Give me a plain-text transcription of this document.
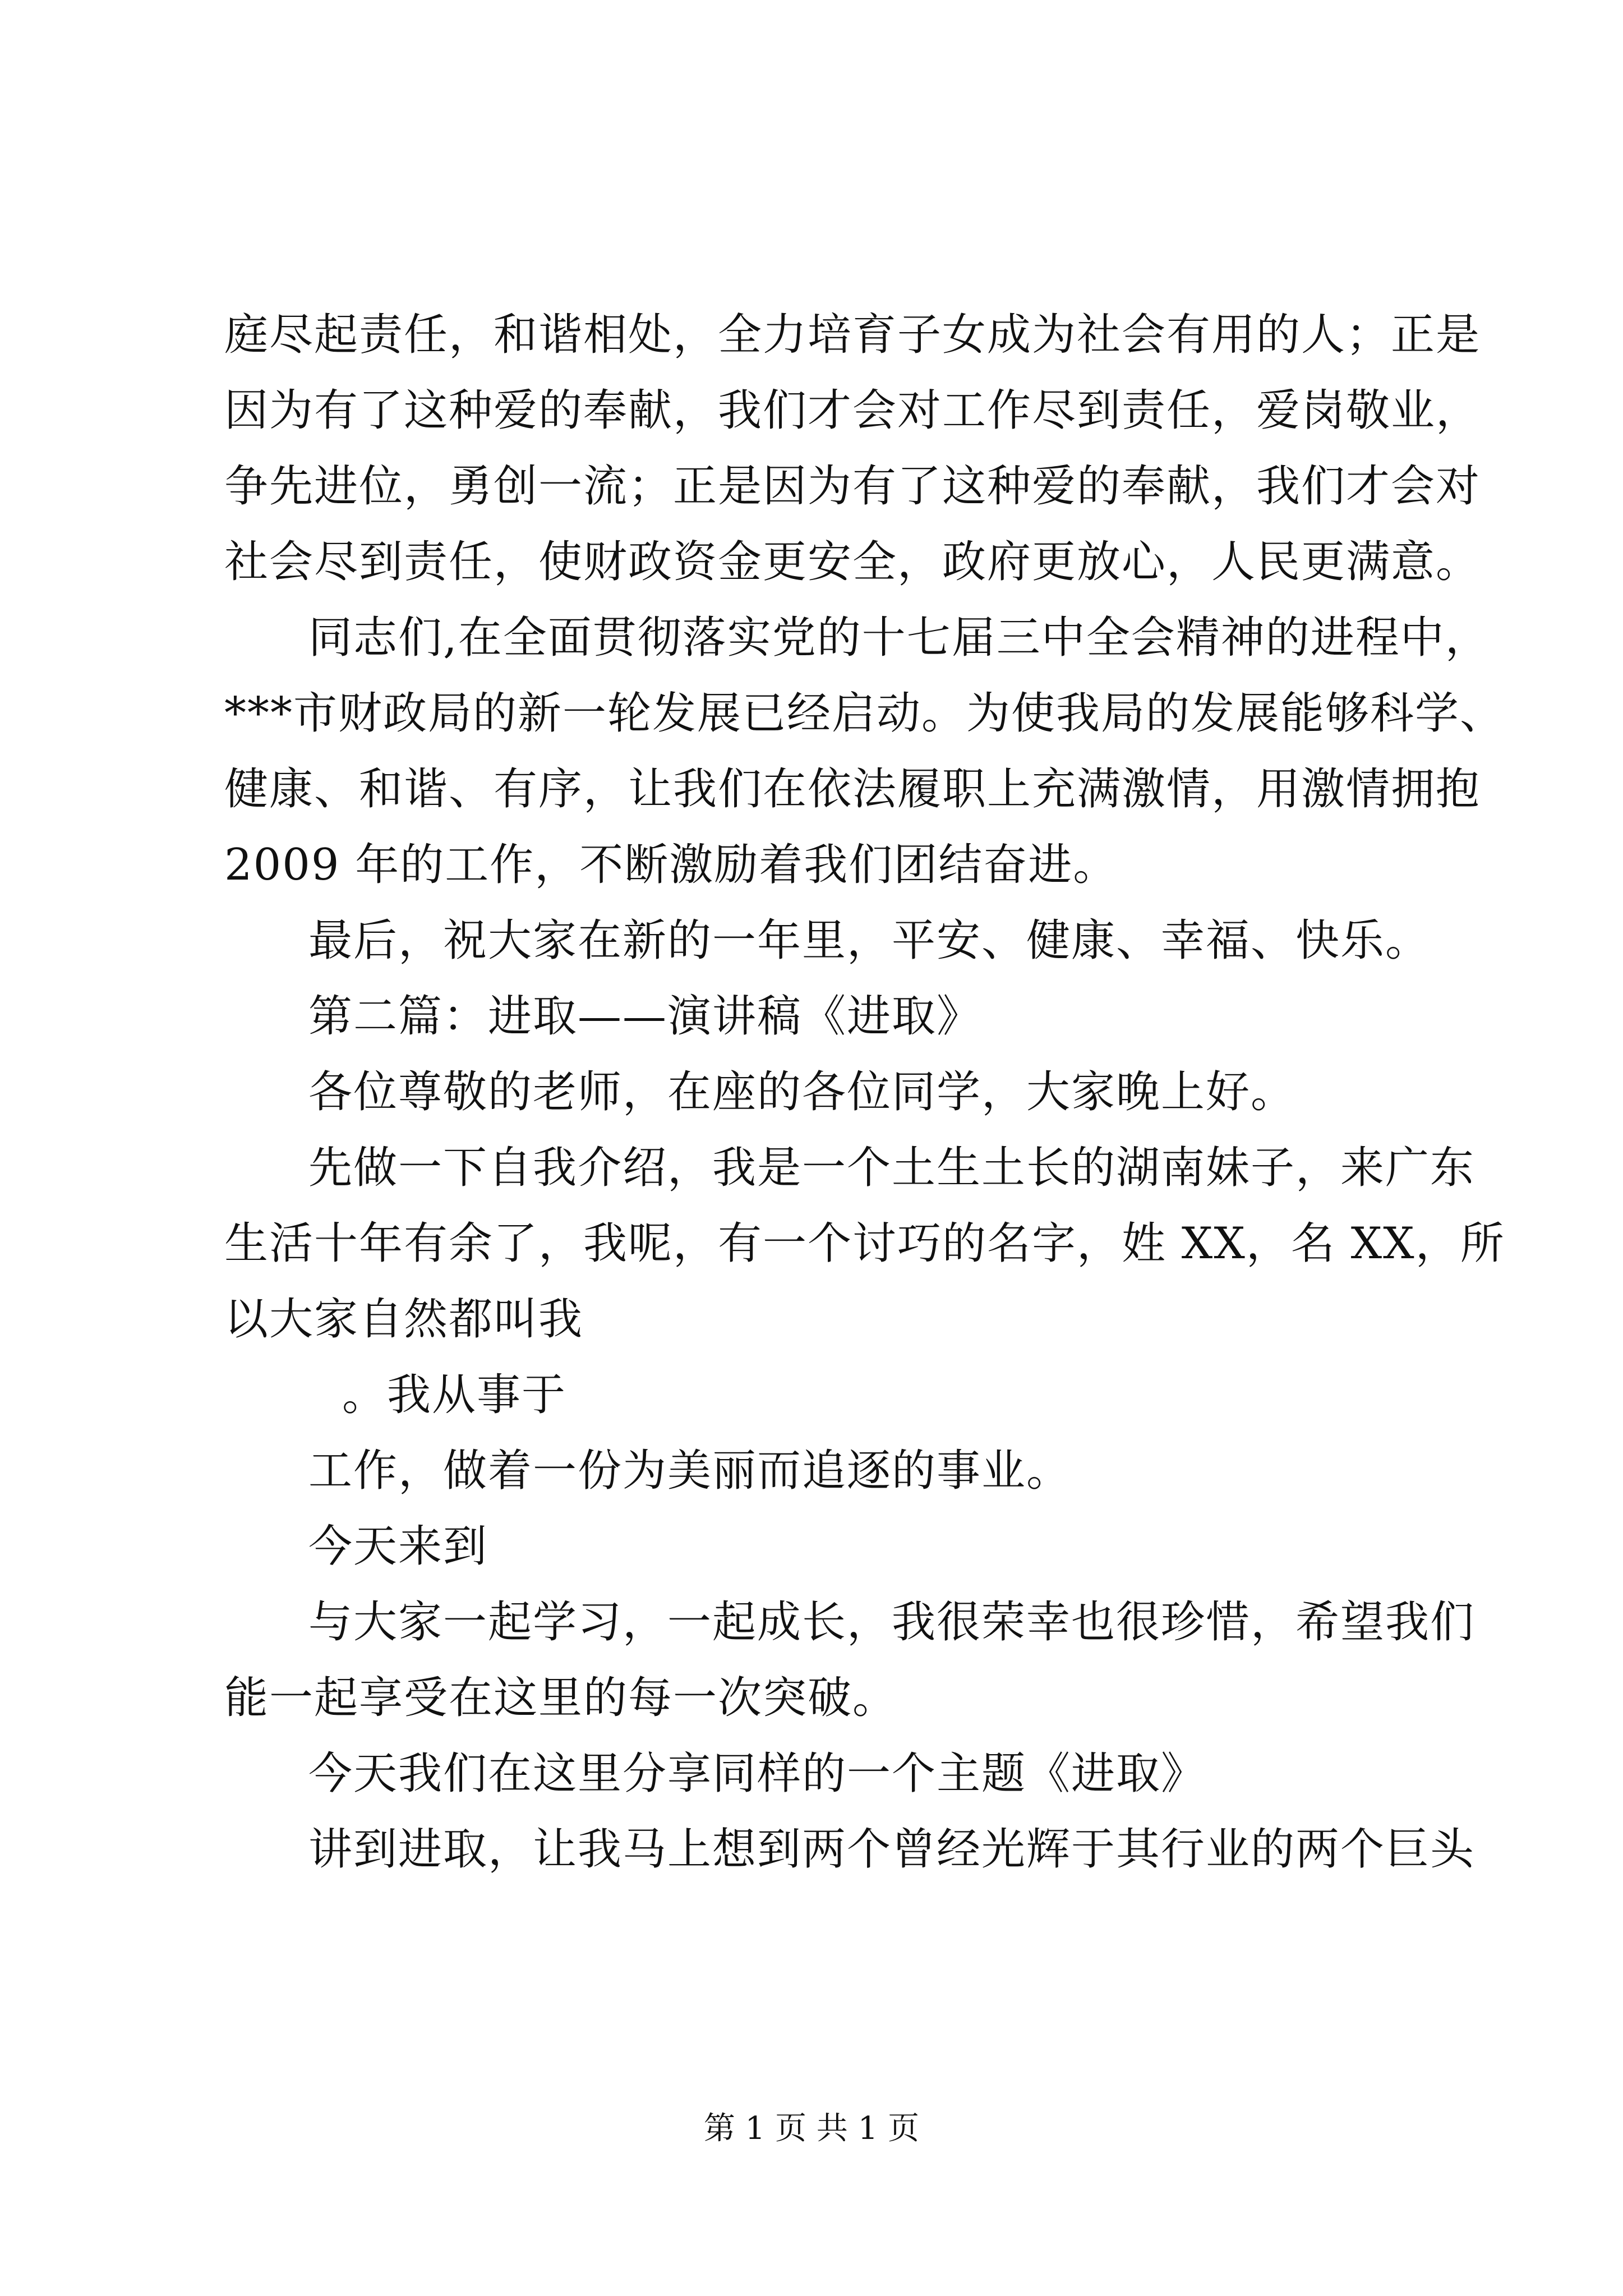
庭尽起责任，和谐相处，全力培育子女成为社会有用的人；正是
因为有了这种爱的奉献，我们才会对工作尽到责任，爱岗敬业，
争先进位，勇创一流；正是因为有了这种爱的奉献，我们才会对
社会尽到责任，使财政资金更安全，政府更放心，人民更满意。
同志们,在全面贯彻落实党的十七届三中全会精神的进程中，
***市财政局的新一轮发展已经启动。为使我局的发展能够科学、
健康、和谐、有序，让我们在依法履职上充满激情，用激情拥抱
2009 年的工作，不断激励着我们团结奋进。
最后，祝大家在新的一年里，平安、健康、幸福、快乐。
第二篇：进取——演讲稿《进取》
各位尊敬的老师，在座的各位同学，大家晚上好。
先做一下自我介绍，我是一个土生土长的湖南妹子，来广东
生活十年有余了，我呢，有一个讨巧的名字，姓 XX，名 XX，所
以大家自然都叫我
。我从事于
工作，做着一份为美丽而追逐的事业。
今天来到
与大家一起学习，一起成长，我很荣幸也很珍惜，希望我们
能一起享受在这里的每一次突破。
今天我们在这里分享同样的一个主题《进取》
讲到进取，让我马上想到两个曾经光辉于其行业的两个巨头
第 1 页 共 1 页
